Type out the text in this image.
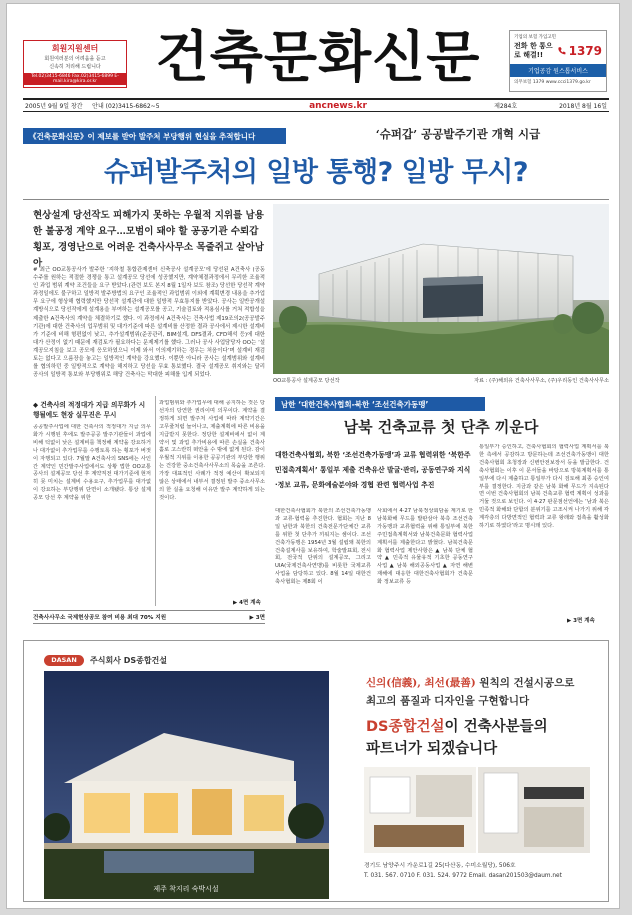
회원지원센터
회원여러분의 어려움을 듣고
신속히 처리해 드립니다
Tel.02)3415-6846 Fax.02)3415-6899 E-mail.kira@kira.or.kr	건축문화신문	기업의 보험 가입고민
전화 한 통으로 해결!!	1379
기업공감 원스톱서비스
의무보험 1379 www.ccci1379.go.kr
2005년 9월 9일 창간 안내 (02)3415-6862~5	ancnews.kr	제284호	2018년 8월 16일
《건축문화신문》이 제보를 받아 발주처 부당행위 현실을 추적합니다	‘슈퍼갑’ 공공발주기관 개혁 시급
슈퍼발주처의 일방 통행? 일방 무시?
현상설계 당선작도 피해가지 못하는 우월적 지위를 남용한 불공정 계약 요구…모범이 돼야 할 공공기관 수뢰갑 횡포, 경영난으로 어려운 건축사사무소 목줄쥐고 살아남아
# 최근 OO교통공사가 발주한 ‘지하철 통합관제센터 신축공사 설계공모’에 당선된 A건축사 (공동수주를 원하는 적절한 경쟁을 통고 설계공모 당선에 성공했지만, 계약체결과정에서 무리한 조율적인 과업 범위 계약 조건들을 요구 받았다.(관련 보도 본지 8월 1일자 보도 참조) 당선한 당선작 계약과정일에도 불구하고 일방적 발주방법의 요구인 조율적인 과업범위 이외에 계획변경 내용을 추가업무 요구에 형상해 협력했지만 당선작 설계관에 대한 일방적 무효통지를 받았다. 공사는 일반공개설계방식으로 당선작에게 설계용을 부여하는 설계공모를 공고, 기술검토와 적용심사를 거쳐 적합성을 제출한 A건축사의 계약을 체결하기로 했다. 이 과정에서 A건축사는 건축사법 제19조의2(공공발주기관)에 대한 건축사의 업무범위 및 대가기준에 따른 설계비를 산정한 결과 공사에서 제시한 설계비가 기준에 비해 형편없이 낮고, 추가설계범위(준공관리, BIM설계, DFS결과, CFD해석 등)에 대한 대가 산정이 없기 때문에 재검토가 필요하다는 문제제기를 했다. 그러나 공사 사업담당자 OO는 ‘설계공모지침을 보고 공모에 응모하였으니 이제 와서 이의제기하는 경우는 처음이다’며 설계비 재검토는 없다고 으름장을 놓고는 일방적인 계약을 강요했다. 이뿐만 아니라 공사는 설계범위와 설계비를 협의하던 중 일방적으로 계약을 해지하고 당선을 무효 통보했다. 결국 설계공모 취지와는 달리 공사의 일방적 통보와 부당행위로 해당 건축사는 막대한 피해를 입게 되었다.
OO교통공사 설계공모 당선작	자료 : (주)해외유 건축사사무소, (주)우리동인 건축사사무소
◆ 건축사의 적정대가 지급 의무화가 시행될에도 현장 실무진은 무시
공공발주사업에 대한 건축사의 적정대가 지급 의무화가 시행된 후에도 발주공공 발주기관들이 과업에 비해 턱없이 낮은 설계비를 책정해 계약을 강요하거나 대가없이 추가업무를 수행토록 하는 횡포가 버젓이 자행되고 있다. 7월말 A건축사의 SNS에는 사인 간 계약인 민간발주사업에서도 상황 법한 OO교통공사의 설계공모 당선 후 계약직전 대가기준에 현저히 못 미치는 설계비 수용요구, 추가업무를 대가없이 강요하는 부당행위 단면이 소개됐다. 통상 설계공모 당선 후 계약을 위한
과업범위와 추가업무에 대해 공지하는 것은 당선자의 당연한 권리이며 의무이다. 계약을 결정하게 되면 발주처 사업에 따라 계약기간은 고무줄처럼 늘어나고, 제출계획에 따른 비용을 지급받지 못한다. 정당한 설계비에서 없이 계약서 및 과업 추가비용에 따른 손실을 건축사 홀로 고스란히 떠안을 수 밖에 없게 된다. 감이 우월적 지위를 이용한 공공기관의 부당한 행위는 건강한 중소건축사사무소의 목숨을 조른다. 가장 대표적인 사례가 적정 예산이 확보되지 않은 상태에서 내부서 결정된 발주 중소사무소의 한 실을 요청해 이유만 발주 계약하게 되는 것이다.
▶ 4면 계속
건축사사무소 국제현상공모 참여 비용 최대 70% 지원	▶ 3면
남한 ‘대한건축사협회-북한 ‘조선건축가동맹’
남북 건축교류 첫 단추 끼운다
대한건축사협회, 북한 ‘조선건축가동맹’과 교류 협력위한 ‘북한주민접촉계획서’ 통일부 제출 건축유산 발굴·관리, 공동연구와 지식·정보 교류, 문화예술분야와 경협 관련 협력사업 추진
대한건축사협회가 북한의 조선건축가동맹과 교류·협력을 추진한다. 협회는 지난 8일 남한과 북한의 건축전문가단체간 교류를 위한 첫 단추가 끼워지는 셈이다. 조선건축가동맹은 1954년 3월 설립돼 북한의 건축설계사를 보유하여, 학술발표회, 전시회, 전국적 단위의 설계공모, 그리고 UIA(국제건축사연맹)를 비롯한 국제교류사업을 담당하고 있다. 8월 14일 대한건축사협회는 제8회 이
사회에서 4·27 남북정상회담을 계기로 한 남북화해 무드를 발판삼아 북측 조선건축가동맹과 교류협력을 위해 통일부에 북한주민접촉계획서와 남북건축문화 협력사업 계획서를 제출한다고 밝혔다. 남북건축문화 협력사업 제안사항은 ▲ 남북 단체 협약 ▲ 민족적 유물유적 기초한 공동연구 사업 ▲ 남북 해외공동사업 ▲ 자연 해변 재해에 대응한 대한건축사협회가 건축문화 정보교류 등
통일부가 승인하고, 건축사협회의 협력사업 계획서를 북한 측에서 공감하고 방문하는데 조선건축가동맹이 대한건축사협회 초청장과 신변안전보장서 등을 발급한다. 건축사협회는 이후 이 문서들을 바탕으로 방북계획서를 통일부에 다시 제출하고 통일부가 다시 검토해 최종 승인여부를 결정한다. 지금과 같은 남북 화해 무드가 지속된다면 이번 건축사협회의 남북 건축교류 협력 계획이 성과를 거둘 것으로 보인다. 이 4·27 판문점선언에는 ‘남과 북은 민족적 화해와 단합의 분위기를 고조시켜 나가기 위해 각계각층의 다방면적인 협력과 교류 왕래와 접촉을 활성화하기로 하였다’라고 명시돼 있다.
▶ 3면 계속
DASAN	주식회사 DS종합건설
제주 착지리 숙박시설
신의(信義), 최선(最善) 원칙의 건설시공으로
최고의 품질과 디자인을 구현합니다
DS종합건설이 건축사분들의
파트너가 되겠습니다
경기도 남양주시 가운로1길 25(다산동, 수미소월당), 506호
T. 031. 567. 0710 F. 031. 524. 9772 Email. dasan201503@daum.net
